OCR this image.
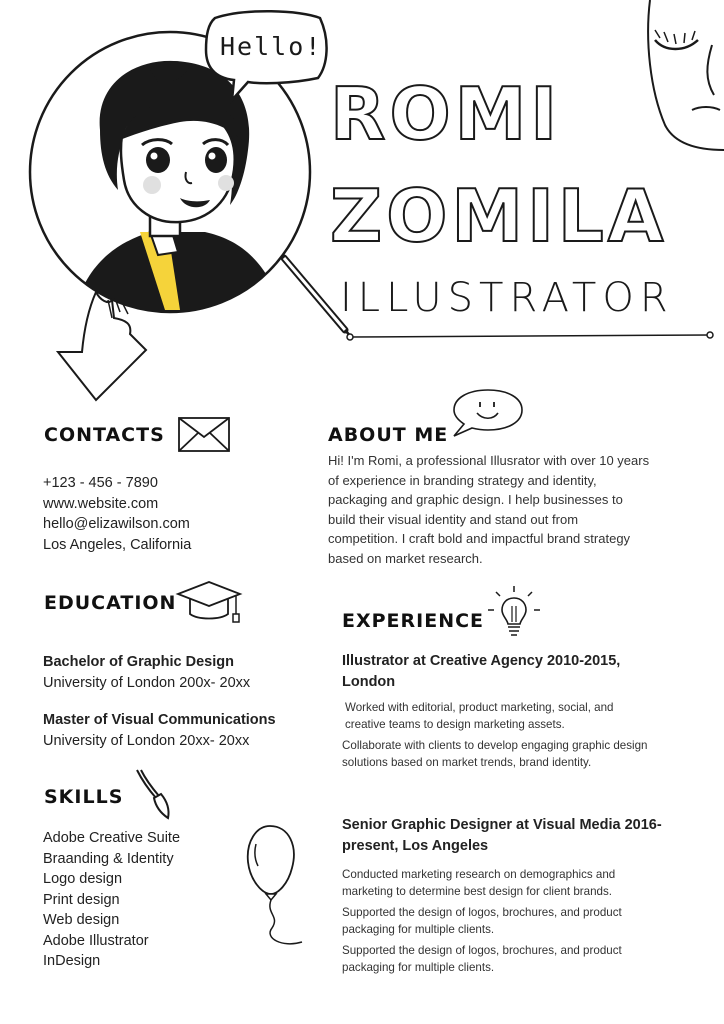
Hello!
ROMI
ZOMILA
ILLUSTRATOR
CONTACTS
+123 - 456 - 7890
www.website.com
hello@elizawilson.com
Los Angeles, California
EDUCATION
Bachelor of Graphic Design
University of London 200x- 20xx
Master of Visual Communications
University of London 20xx- 20xx
SKILLS
Adobe Creative Suite
Braanding & Identity
Logo design
Print design
Web design
Adobe Illustrator
InDesign
ABOUT ME
Hi! I'm Romi, a professional Illusrator with over 10 years
of experience in branding strategy and identity,
packaging and graphic design. I help businesses to
build their visual identity and stand out from
competition. I craft bold and impactful brand strategy
based on market research.
EXPERIENCE
Illustrator at Creative Agency 2010-2015,
London
Worked with editorial, product marketing, social, and
creative teams to design marketing assets.
Collaborate with clients to develop engaging graphic design
solutions based on market trends, brand identity.
Senior Graphic Designer at Visual Media 2016-
present, Los Angeles
Conducted marketing research on demographics and
marketing to determine best design for client brands.
Supported the design of logos, brochures, and product
packaging for multiple clients.
Supported the design of logos, brochures, and product
packaging for multiple clients.
